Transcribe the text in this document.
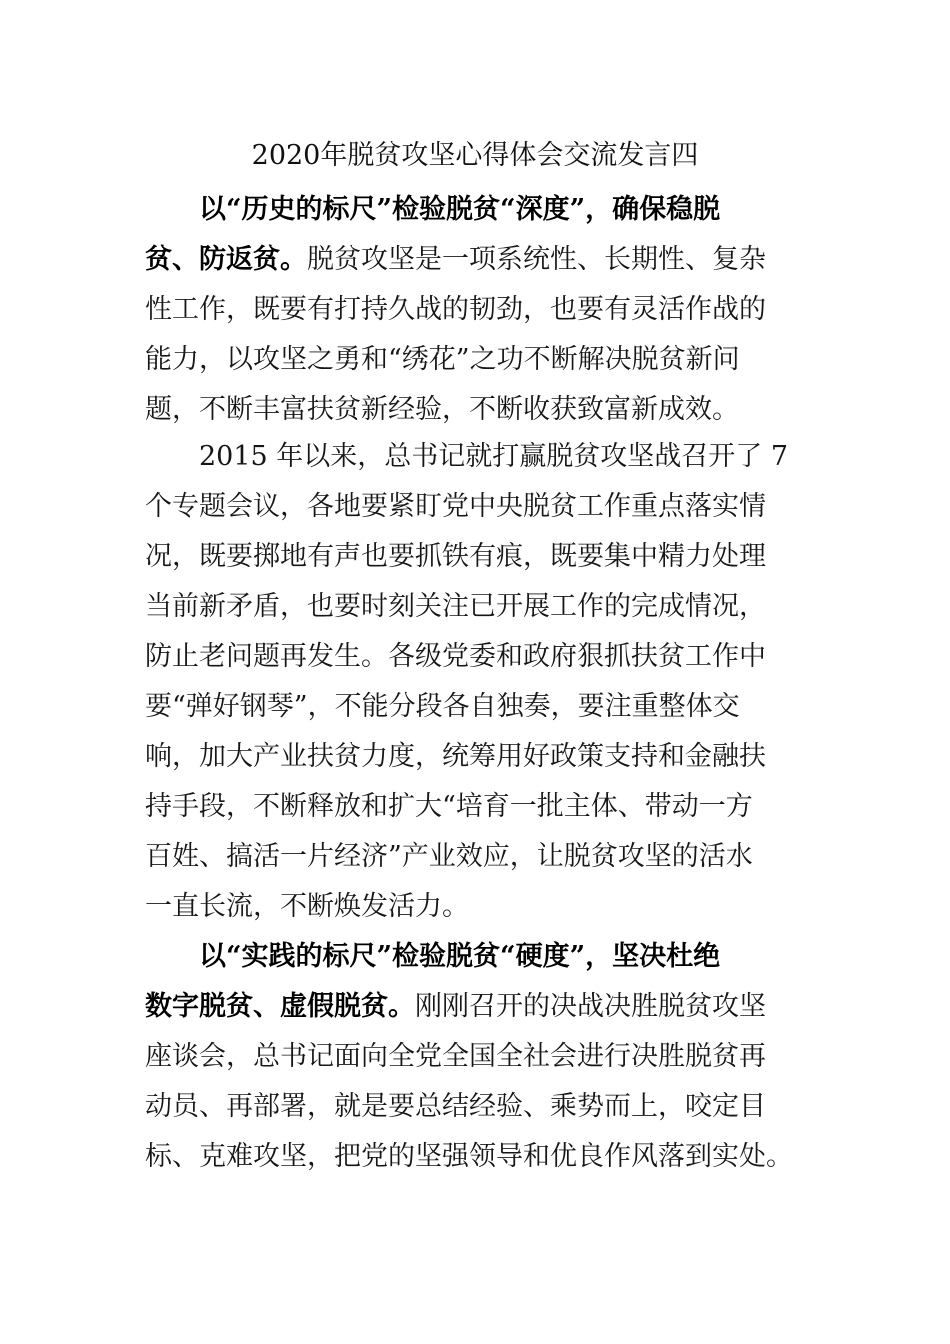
2020年脱贫攻坚心得体会交流发言四
以“历史的标尺”检验脱贫“深度”，确保稳脱
贫、防返贫。脱贫攻坚是一项系统性、长期性、复杂
性工作，既要有打持久战的韧劲，也要有灵活作战的
能力，以攻坚之勇和“绣花”之功不断解决脱贫新问
题，不断丰富扶贫新经验，不断收获致富新成效。
2015 年以来，总书记就打赢脱贫攻坚战召开了 7
个专题会议，各地要紧盯党中央脱贫工作重点落实情
况，既要掷地有声也要抓铁有痕，既要集中精力处理
当前新矛盾，也要时刻关注已开展工作的完成情况，
防止老问题再发生。各级党委和政府狠抓扶贫工作中
要“弹好钢琴”，不能分段各自独奏，要注重整体交
响，加大产业扶贫力度，统筹用好政策支持和金融扶
持手段，不断释放和扩大“培育一批主体、带动一方
百姓、搞活一片经济”产业效应，让脱贫攻坚的活水
一直长流，不断焕发活力。
以“实践的标尺”检验脱贫“硬度”，坚决杜绝
数字脱贫、虚假脱贫。刚刚召开的决战决胜脱贫攻坚
座谈会，总书记面向全党全国全社会进行决胜脱贫再
动员、再部署，就是要总结经验、乘势而上，咬定目
标、克难攻坚，把党的坚强领导和优良作风落到实处。
